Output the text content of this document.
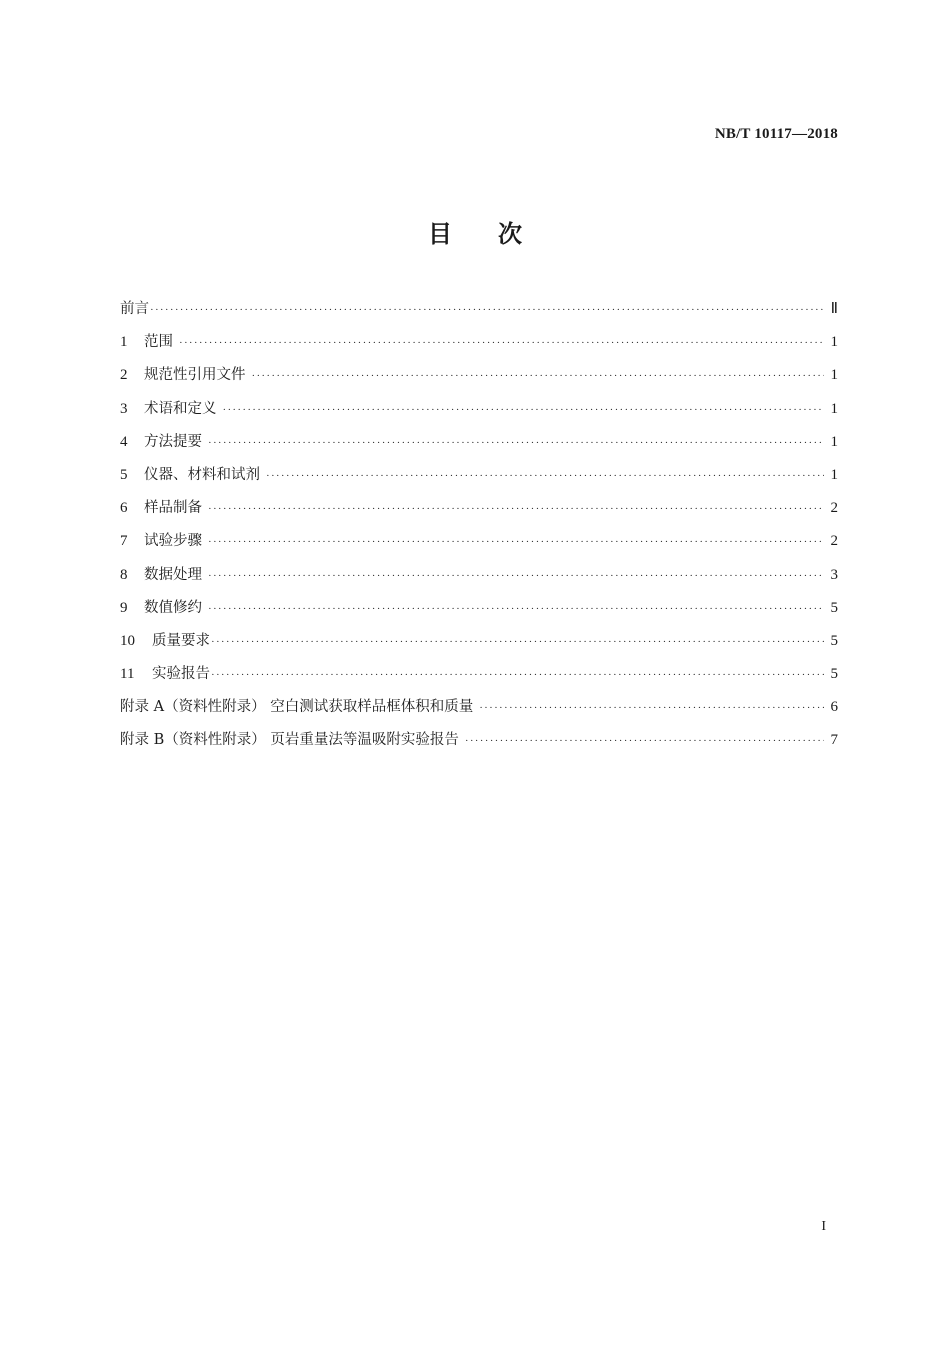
NB/T 10117—2018
目次
前言 ·····	Ⅱ
1	范围 ·····	1
2	规范性引用文件 ·····	1
3	术语和定义 ·····	1
4	方法提要 ·····	1
5	仪器、材料和试剂 ·····	1
6	样品制备 ·····	2
7	试验步骤 ·····	2
8	数据处理 ·····	3
9	数值修约 ·····	5
10	质量要求 ·····	5
11	实验报告 ·····	5
附录 A（资料性附录） 空白测试获取样品框体积和质量 ·····	6
附录 B（资料性附录） 页岩重量法等温吸附实验报告 ·····	7
I
